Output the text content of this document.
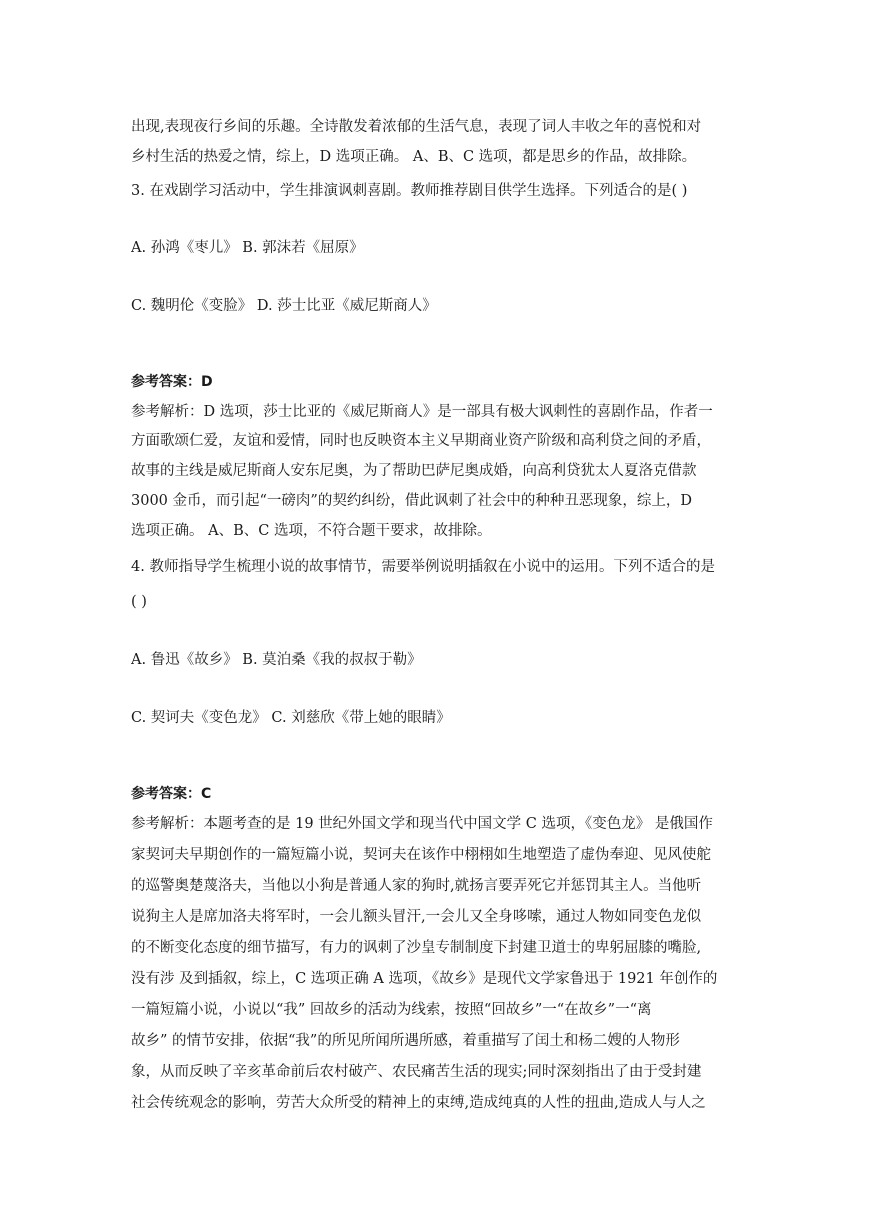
出现,表现夜行乡间的乐趣。全诗散发着浓郁的生活气息，表现了词人丰收之年的喜悦和对
乡村生活的热爱之情，综上，D 选项正确。 A、B、C 选项，都是思乡的作品，故排除。
3. 在戏剧学习活动中，学生排演讽刺喜剧。教师推荐剧目供学生选择。下列适合的是( )
A. 孙鸿《枣儿》 B. 郭沫若《屈原》
C. 魏明伦《变脸》 D. 莎士比亚《威尼斯商人》
参考答案：D
参考解析：D 选项，莎士比亚的《威尼斯商人》是一部具有极大讽刺性的喜剧作品，作者一
方面歌颂仁爱，友谊和爱情，同时也反映资本主义早期商业资产阶级和高利贷之间的矛盾，
故事的主线是威尼斯商人安东尼奥，为了帮助巴萨尼奥成婚，向高利贷犹太人夏洛克借款
3000 金币，而引起“一磅肉”的契约纠纷，借此讽刺了社会中的种种丑恶现象，综上，D
选项正确。 A、B、C 选项，不符合题干要求，故排除。
4. 教师指导学生梳理小说的故事情节，需要举例说明插叙在小说中的运用。下列不适合的是
( )
A. 鲁迅《故乡》 B. 莫泊桑《我的叔叔于勒》
C. 契诃夫《变色龙》 C. 刘慈欣《带上她的眼睛》
参考答案：C
参考解析：本题考查的是 19 世纪外国文学和现当代中国文学 C 选项，《变色龙》 是俄国作
家契诃夫早期创作的一篇短篇小说，契诃夫在该作中栩栩如生地塑造了虚伪奉迎、见风使舵
的巡警奥楚蔑洛夫，当他以小狗是普通人家的狗时,就扬言要弄死它并惩罚其主人。当他听
说狗主人是席加洛夫将军时，一会儿额头冒汗,一会儿又全身哆嗦，通过人物如同变色龙似
的不断变化态度的细节描写，有力的讽刺了沙皇专制制度下封建卫道士的卑躬屈膝的嘴脸,
没有涉 及到插叙，综上，C 选项正确 A 选项，《故乡》是现代文学家鲁迅于 1921 年创作的
一篇短篇小说，小说以“我” 回故乡的活动为线索，按照“回故乡”一“在故乡”一“离
故乡” 的情节安排，依据“我”的所见所闻所遇所感，着重描写了闰土和杨二嫂的人物形
象，从而反映了辛亥革命前后农村破产、农民痛苦生活的现实;同时深刻指出了由于受封建
社会传统观念的影响，劳苦大众所受的精神上的束缚,造成纯真的人性的扭曲,造成人与人之
